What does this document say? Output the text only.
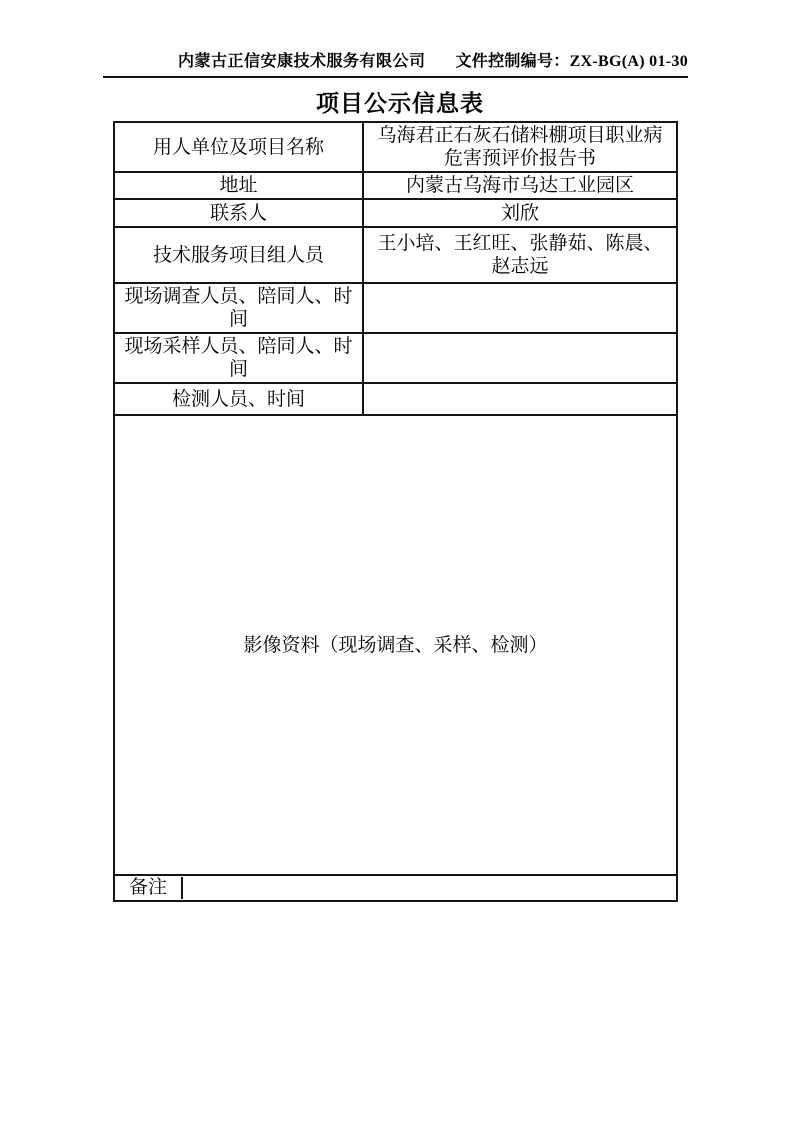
内蒙古正信安康技术服务有限公司 文件控制编号：ZX-BG(A) 01-30
项目公示信息表
用人单位及项目名称	乌海君正石灰石储料棚项目职业病危害预评价报告书
地址	内蒙古乌海市乌达工业园区
联系人	刘欣
技术服务项目组人员	王小培、王红旺、张静茹、陈晨、赵志远
现场调查人员、陪同人、时间	
现场采样人员、陪同人、时间	
检测人员、时间	
影像资料（现场调查、采样、检测）	

备注	
